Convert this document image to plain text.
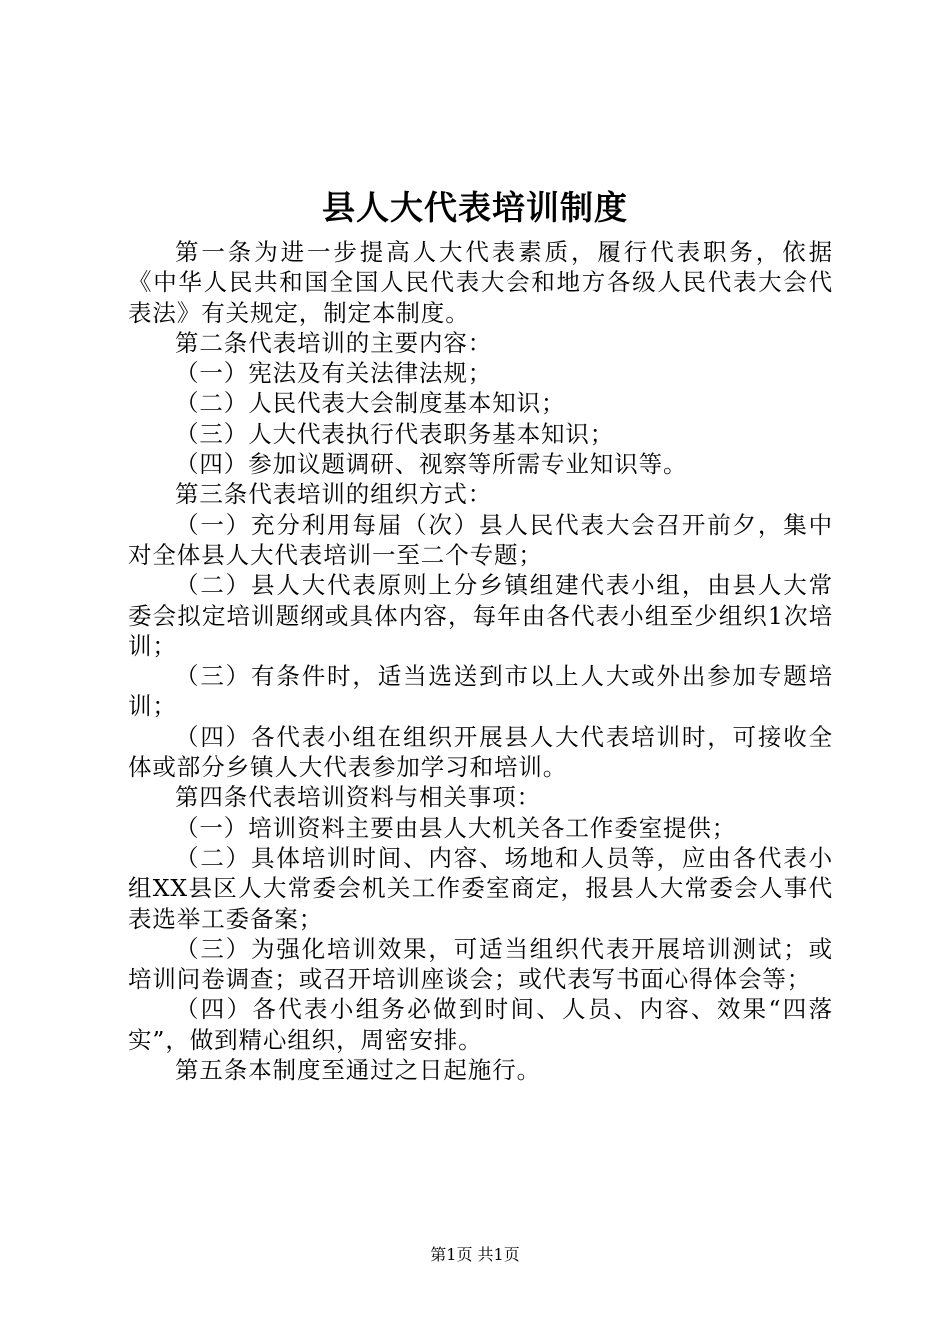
县人大代表培训制度

第一条为进一步提高人大代表素质，履行代表职务，依据《中华人民共和国全国人民代表大会和地方各级人民代表大会代表法》有关规定，制定本制度。

第二条代表培训的主要内容：

（一）宪法及有关法律法规；

（二）人民代表大会制度基本知识；

（三）人大代表执行代表职务基本知识；

（四）参加议题调研、视察等所需专业知识等。

第三条代表培训的组织方式：

（一）充分利用每届（次）县人民代表大会召开前夕，集中对全体县人大代表培训一至二个专题；

（二）县人大代表原则上分乡镇组建代表小组，由县人大常委会拟定培训题纲或具体内容，每年由各代表小组至少组织1次培训；

（三）有条件时，适当选送到市以上人大或外出参加专题培训；

（四）各代表小组在组织开展县人大代表培训时，可接收全体或部分乡镇人大代表参加学习和培训。

第四条代表培训资料与相关事项：

（一）培训资料主要由县人大机关各工作委室提供；

（二）具体培训时间、内容、场地和人员等，应由各代表小组XX县区人大常委会机关工作委室商定，报县人大常委会人事代表选举工委备案；

（三）为强化培训效果，可适当组织代表开展培训测试；或培训问卷调查；或召开培训座谈会；或代表写书面心得体会等；

（四）各代表小组务必做到时间、人员、内容、效果“四落实”，做到精心组织，周密安排。

第五条本制度至通过之日起施行。

第1页 共1页
